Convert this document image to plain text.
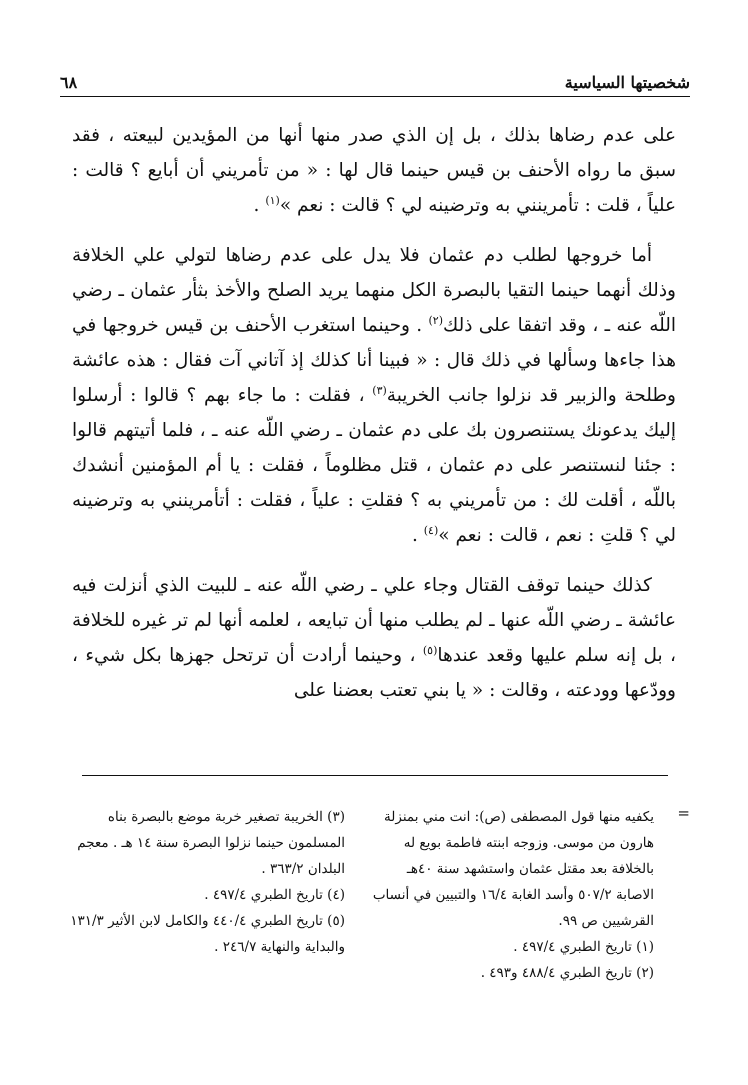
شخصيتها السياسية
٦٨

على عدم رضاها بذلك ، بل إن الذي صدر منها أنها من المؤيدين لبيعته ، فقد سبق ما رواه الأحنف بن قيس حينما قال لها : « من تأمريني أن أبايع ؟ قالت : علياً ، قلت : تأمرينني به وترضينه لي ؟ قالت : نعم »$^{(١)}$ .

أما خروجها لطلب دم عثمان فلا يدل على عدم رضاها لتولي علي الخلافة وذلك أنهما حينما التقيا بالبصرة الكل منهما يريد الصلح والأخذ بثأر عثمان ـ رضي اللّه عنه ـ ، وقد اتفقا على ذلك$^{(٢)}$ . وحينما استغرب الأحنف بن قيس خروجها في هذا جاءها وسألها في ذلك قال : « فبينا أنا كذلك إذ آتاني آت فقال : هذه عائشة وطلحة والزبير قد نزلوا جانب الخريبة$^{(٣)}$ ، فقلت : ما جاء بهم ؟ قالوا : أرسلوا إليك يدعونك يستنصرون بك على دم عثمان ـ رضي اللّه عنه ـ ، فلما أتيتهم قالوا : جئنا لنستنصر على دم عثمان ، قتل مظلوماً ، فقلت : يا أم المؤمنين أنشدك باللّه ، أقلت لك : من تأمريني به ؟ فقلتِ : علياً ، فقلت : أتأمرينني به وترضينه لي ؟ قلتِ : نعم ، قالت : نعم »$^{(٤)}$ .

كذلك حينما توقف القتال وجاء علي ـ رضي اللّه عنه ـ للبيت الذي أنزلت فيه عائشة ـ رضي اللّه عنها ـ لم يطلب منها أن تبايعه ، لعلمه أنها لم تر غيره للخلافة ، بل إنه سلم عليها وقعد عندها$^{(٥)}$ ، وحينما أرادت أن ترتحل جهزها بكل شيء ، وودّعها وودعته ، وقالت : « يا بني تعتب بعضنا على

=

يكفيه منها قول المصطفى (ص): انت مني بمنزلة هارون من موسى. وزوجه ابنته فاطمة بويع له بالخلافة بعد مقتل عثمان واستشهد سنة ٤٠هـ الاصابة ٥٠٧/٢ وأسد الغابة ١٦/٤ والتبيين في أنساب القرشيين ص ٩٩.

(١) تاريخ الطبري ٤٩٧/٤ .

(٢) تاريخ الطبري ٤٨٨/٤ و٤٩٣ .

(٣) الخريبة تصغير خربة موضع بالبصرة بناه المسلمون حينما نزلوا البصرة سنة ١٤ هـ . معجم البلدان ٣٦٣/٢ .

(٤) تاريخ الطبري ٤٩٧/٤ .

(٥) تاريخ الطبري ٤٤٠/٤ والكامل لابن الأثير ١٣١/٣ والبداية والنهاية ٢٤٦/٧ .
